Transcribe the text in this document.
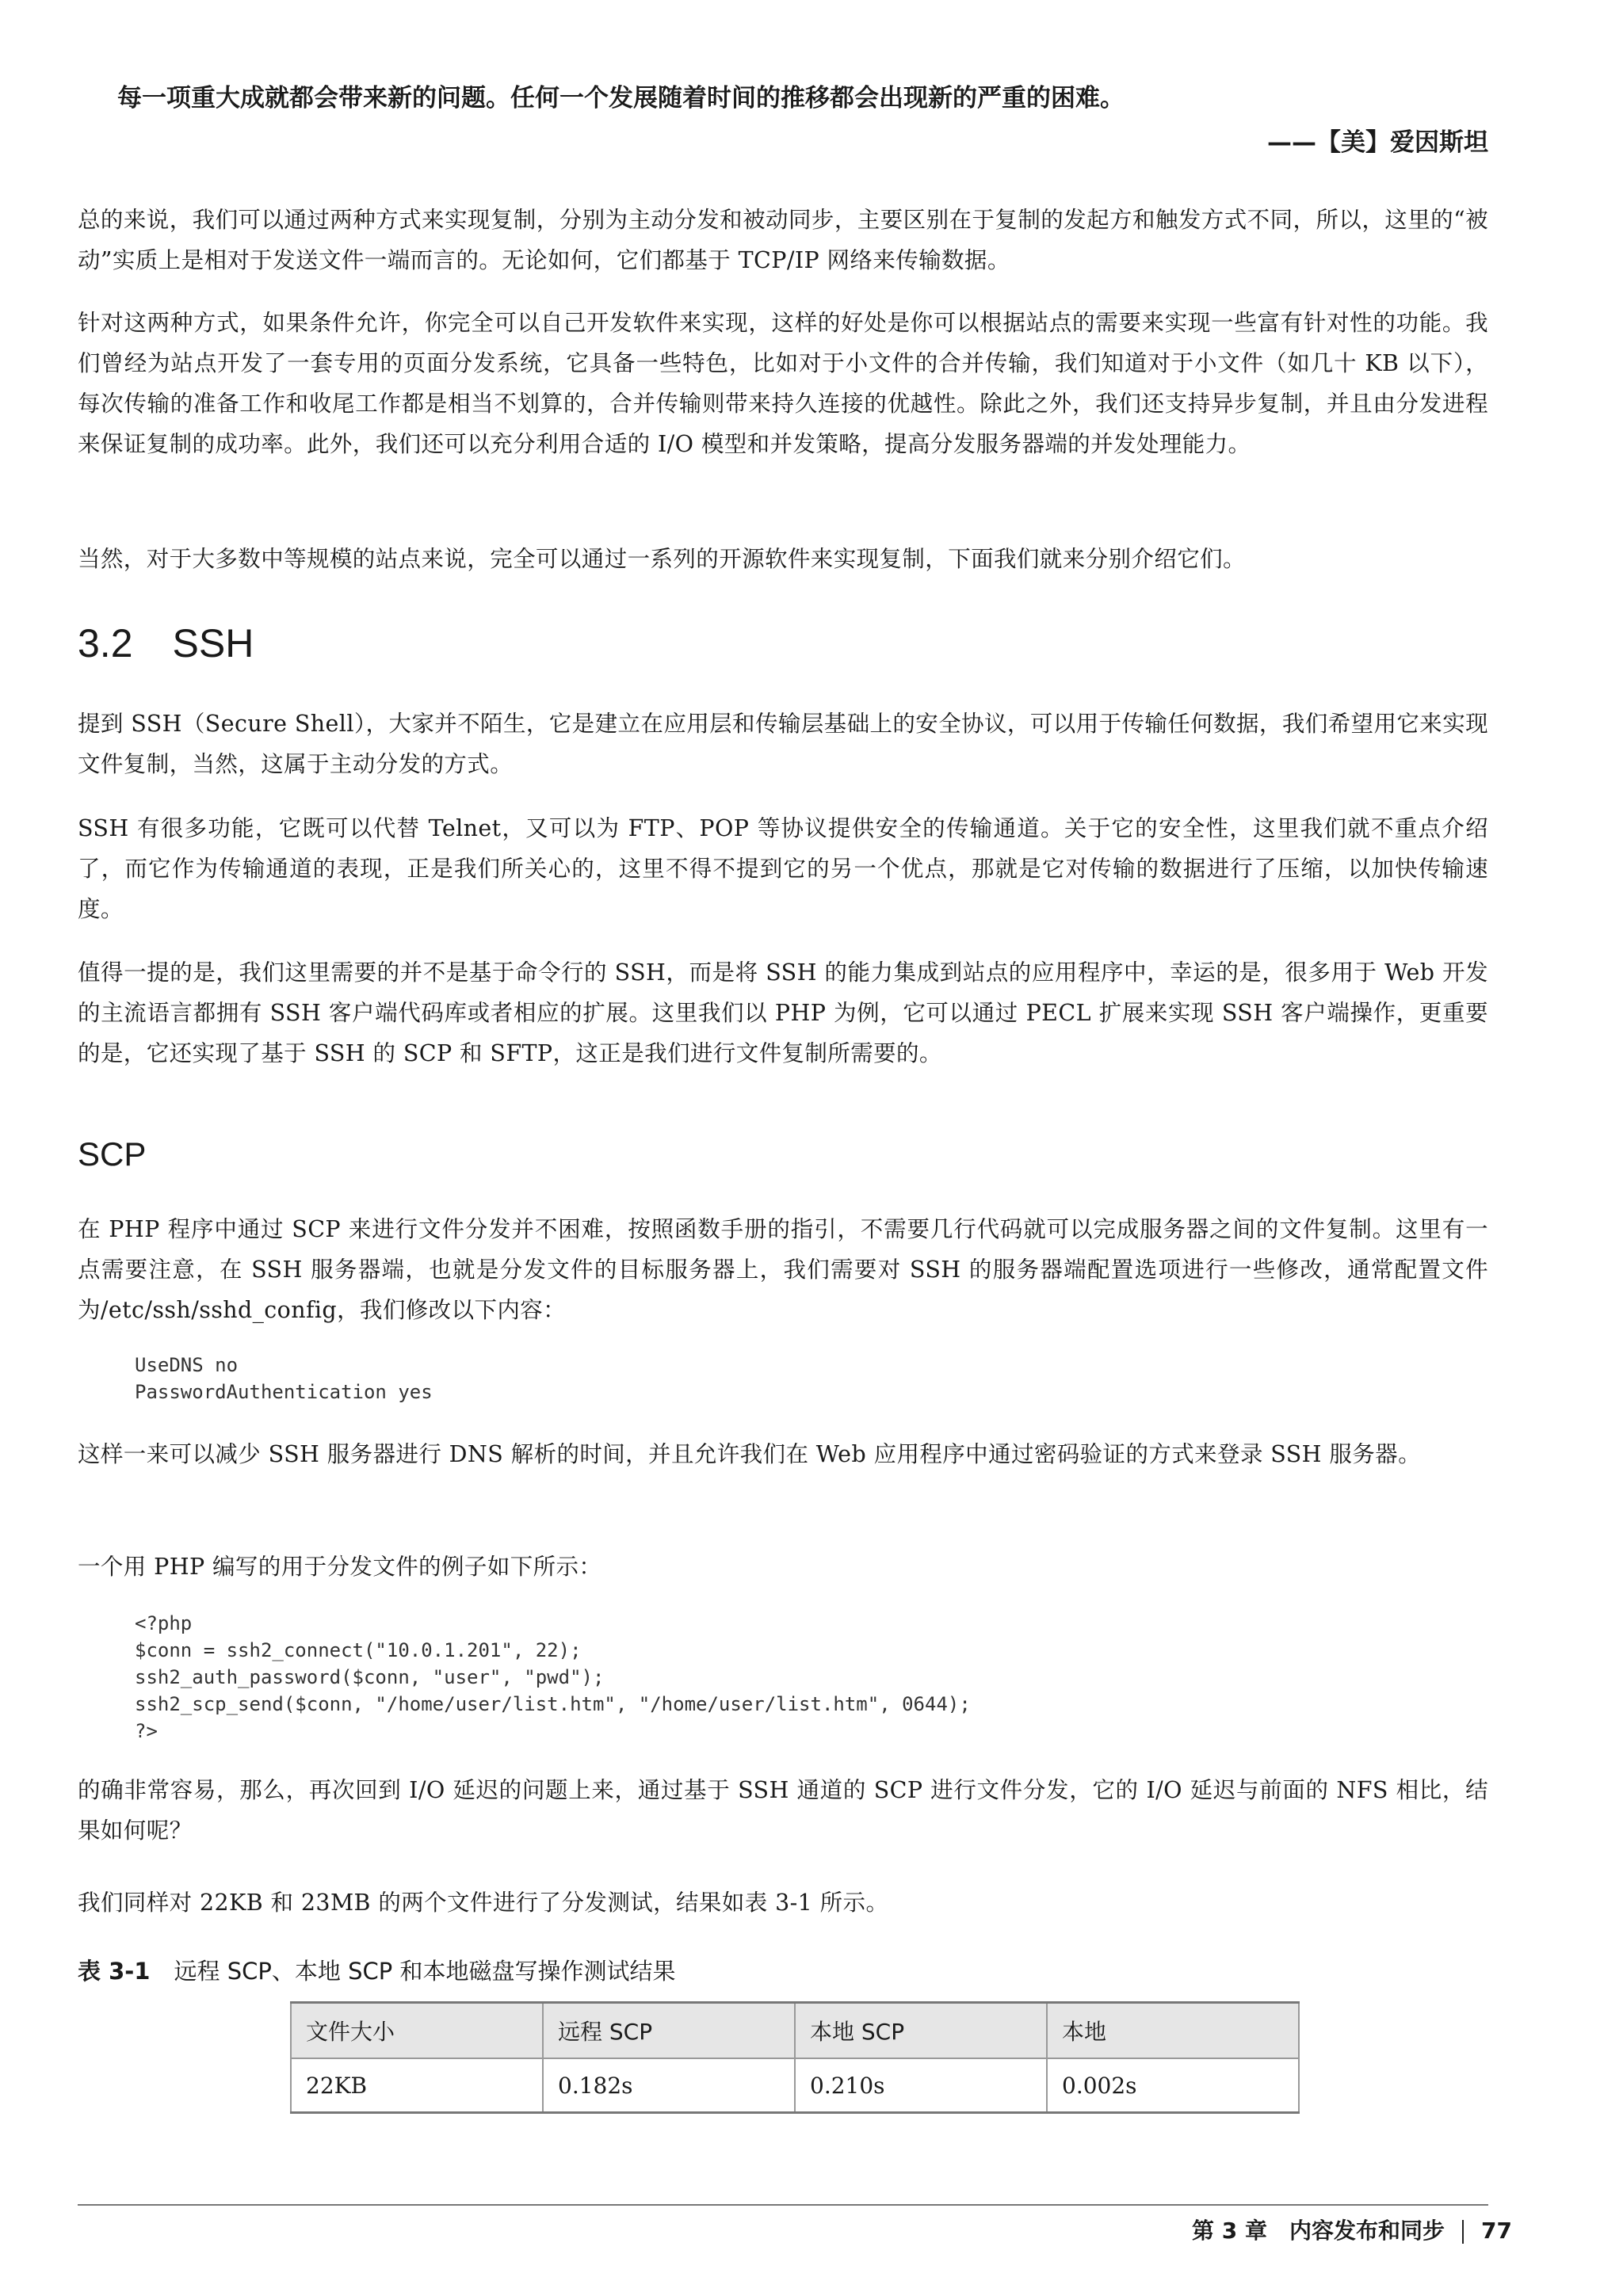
每一项重大成就都会带来新的问题。任何一个发展随着时间的推移都会出现新的严重的困难。
——【美】爱因斯坦

总的来说，我们可以通过两种方式来实现复制，分别为主动分发和被动同步，主要区别在于复制的发起方和触发方式不同，所以，这里的“被动”实质上是相对于发送文件一端而言的。无论如何，它们都基于 TCP/IP 网络来传输数据。

针对这两种方式，如果条件允许，你完全可以自己开发软件来实现，这样的好处是你可以根据站点的需要来实现一些富有针对性的功能。我们曾经为站点开发了一套专用的页面分发系统，它具备一些特色，比如对于小文件的合并传输，我们知道对于小文件（如几十 KB 以下），每次传输的准备工作和收尾工作都是相当不划算的，合并传输则带来持久连接的优越性。除此之外，我们还支持异步复制，并且由分发进程来保证复制的成功率。此外，我们还可以充分利用合适的 I/O 模型和并发策略，提高分发服务器端的并发处理能力。

当然，对于大多数中等规模的站点来说，完全可以通过一系列的开源软件来实现复制，下面我们就来分别介绍它们。

3.2　SSH

提到 SSH（Secure Shell），大家并不陌生，它是建立在应用层和传输层基础上的安全协议，可以用于传输任何数据，我们希望用它来实现文件复制，当然，这属于主动分发的方式。

SSH 有很多功能，它既可以代替 Telnet，又可以为 FTP、POP 等协议提供安全的传输通道。关于它的安全性，这里我们就不重点介绍了，而它作为传输通道的表现，正是我们所关心的，这里不得不提到它的另一个优点，那就是它对传输的数据进行了压缩，以加快传输速度。

值得一提的是，我们这里需要的并不是基于命令行的 SSH，而是将 SSH 的能力集成到站点的应用程序中，幸运的是，很多用于 Web 开发的主流语言都拥有 SSH 客户端代码库或者相应的扩展。这里我们以 PHP 为例，它可以通过 PECL 扩展来实现 SSH 客户端操作，更重要的是，它还实现了基于 SSH 的 SCP 和 SFTP，这正是我们进行文件复制所需要的。

SCP

在 PHP 程序中通过 SCP 来进行文件分发并不困难，按照函数手册的指引，不需要几行代码就可以完成服务器之间的文件复制。这里有一点需要注意，在 SSH 服务器端，也就是分发文件的目标服务器上，我们需要对 SSH 的服务器端配置选项进行一些修改，通常配置文件为/etc/ssh/sshd_config，我们修改以下内容：

UseDNS no
PasswordAuthentication yes

这样一来可以减少 SSH 服务器进行 DNS 解析的时间，并且允许我们在 Web 应用程序中通过密码验证的方式来登录 SSH 服务器。

一个用 PHP 编写的用于分发文件的例子如下所示：

<?php
$conn = ssh2_connect("10.0.1.201", 22);
ssh2_auth_password($conn, "user", "pwd");
ssh2_scp_send($conn, "/home/user/list.htm", "/home/user/list.htm", 0644);
?>

的确非常容易，那么，再次回到 I/O 延迟的问题上来，通过基于 SSH 通道的 SCP 进行文件分发，它的 I/O 延迟与前面的 NFS 相比，结果如何呢？

我们同样对 22KB 和 23MB 的两个文件进行了分发测试，结果如表 3-1 所示。

表 3-1 远程 SCP、本地 SCP 和本地磁盘写操作测试结果
文件大小	远程 SCP	本地 SCP	本地
22KB	0.182s	0.210s	0.002s
第 3 章　内容发布和同步 77
